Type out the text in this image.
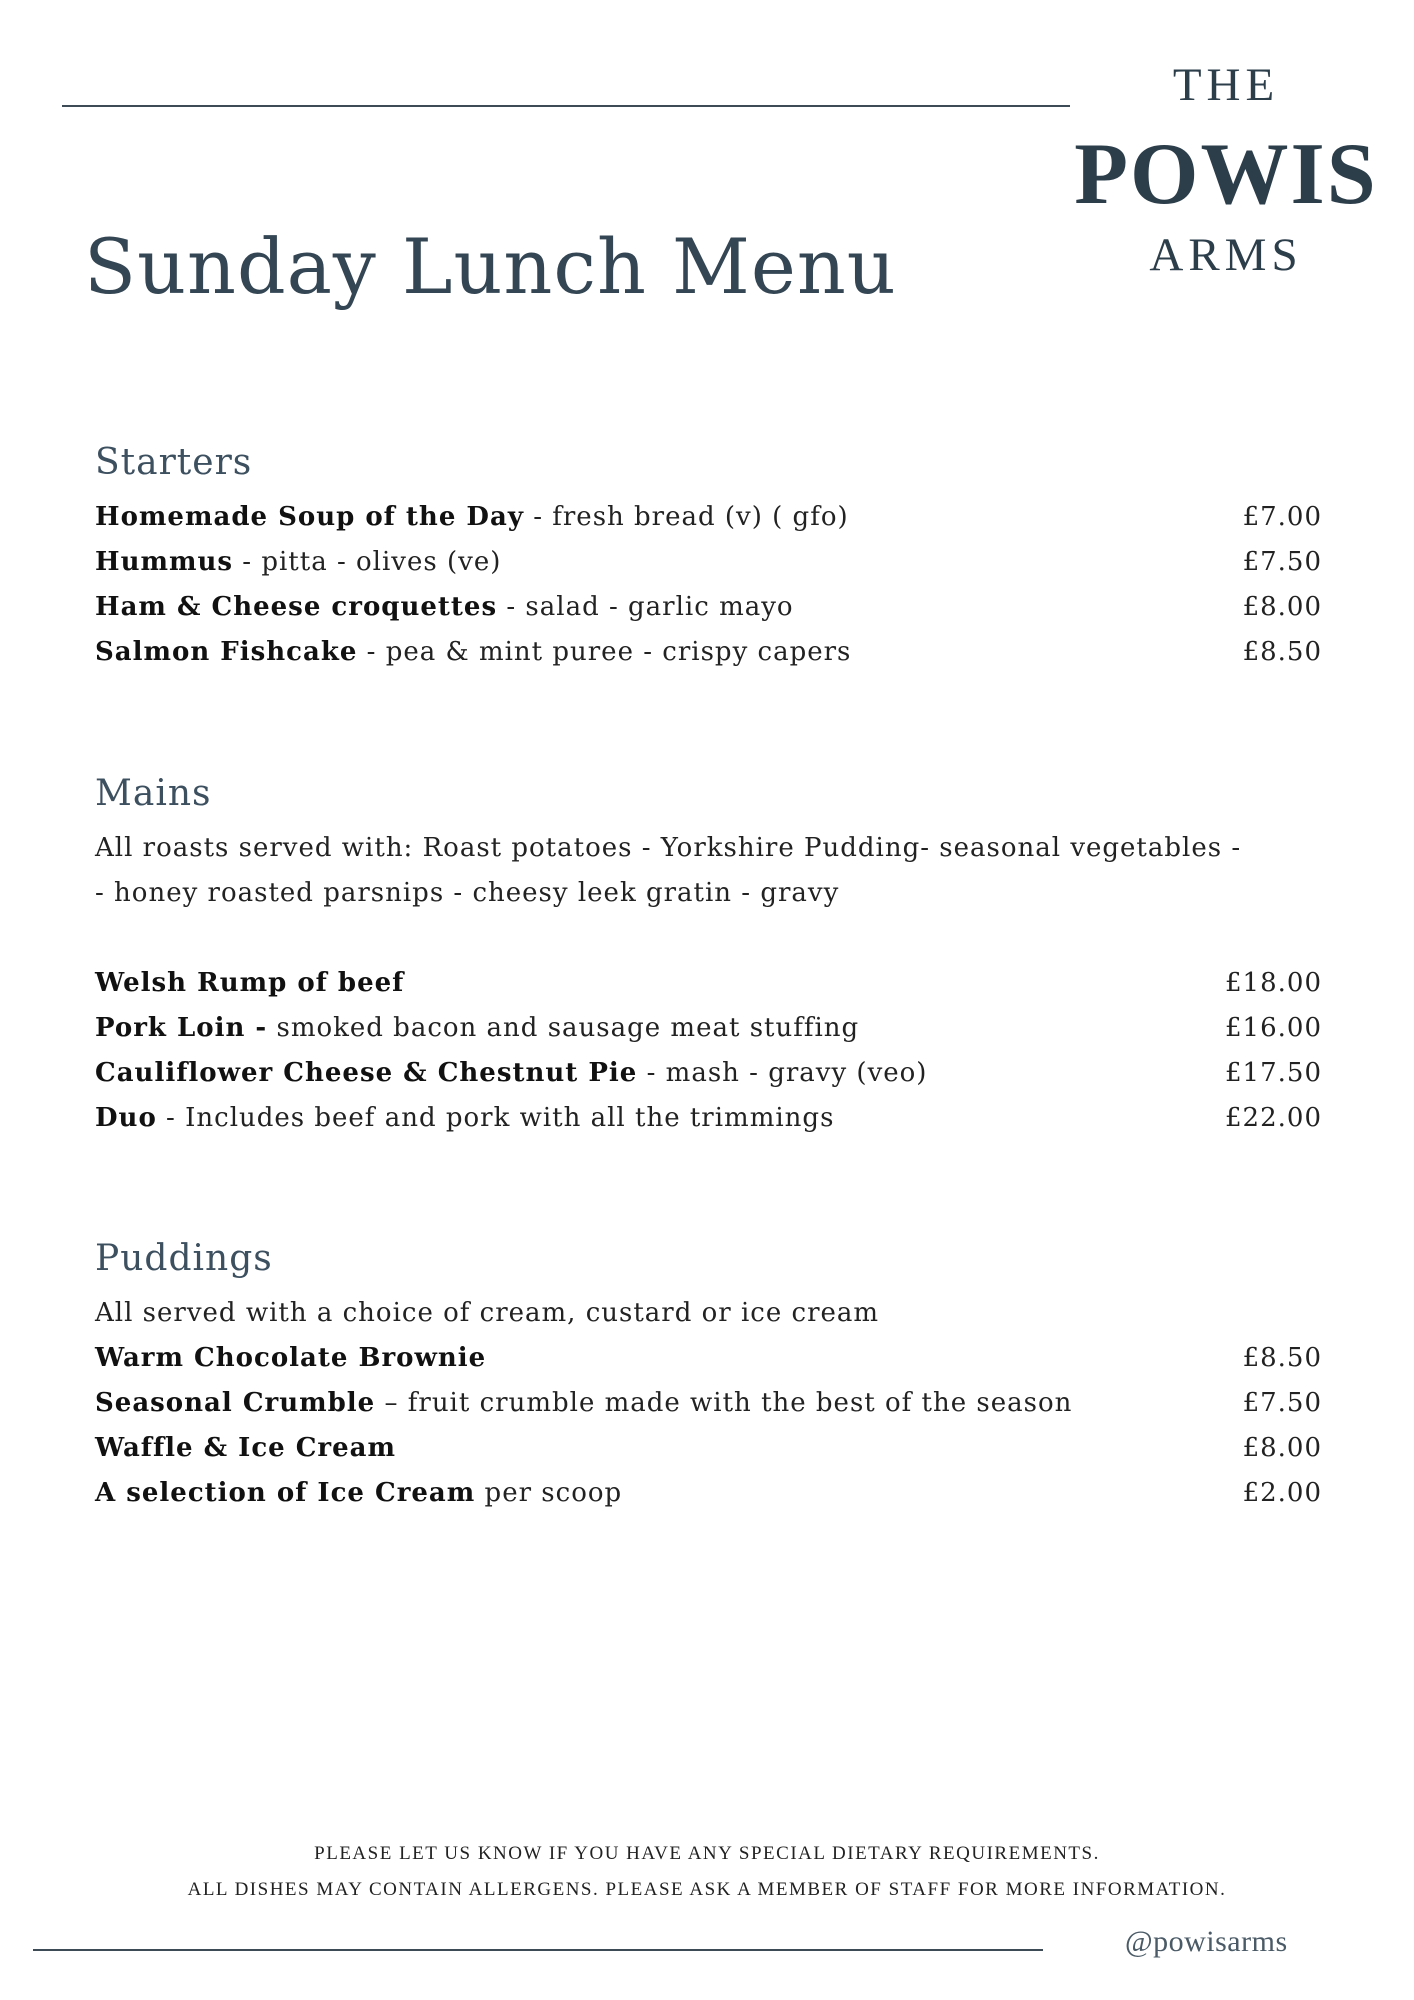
THE
POWIS
ARMS
Sunday Lunch Menu
Starters
Homemade Soup of the Day - fresh bread (v) ( gfo)	£7.00
Hummus - pitta - olives (ve)	£7.50
Ham & Cheese croquettes - salad - garlic mayo	£8.00
Salmon Fishcake - pea & mint puree - crispy capers	£8.50
Mains
All roasts served with: Roast potatoes - Yorkshire Pudding- seasonal vegetables -
- honey roasted parsnips - cheesy leek gratin - gravy
Welsh Rump of beef	£18.00
Pork Loin - smoked bacon and sausage meat stuffing	£16.00
Cauliflower Cheese & Chestnut Pie - mash - gravy (veo)	£17.50
Duo - Includes beef and pork with all the trimmings	£22.00
Puddings
All served with a choice of cream, custard or ice cream
Warm Chocolate Brownie	£8.50
Seasonal Crumble – fruit crumble made with the best of the season	£7.50
Waffle & Ice Cream	£8.00
A selection of Ice Cream per scoop	£2.00
PLEASE LET US KNOW IF YOU HAVE ANY SPECIAL DIETARY REQUIREMENTS.
ALL DISHES MAY CONTAIN ALLERGENS. PLEASE ASK A MEMBER OF STAFF FOR MORE INFORMATION.
@powisarms
